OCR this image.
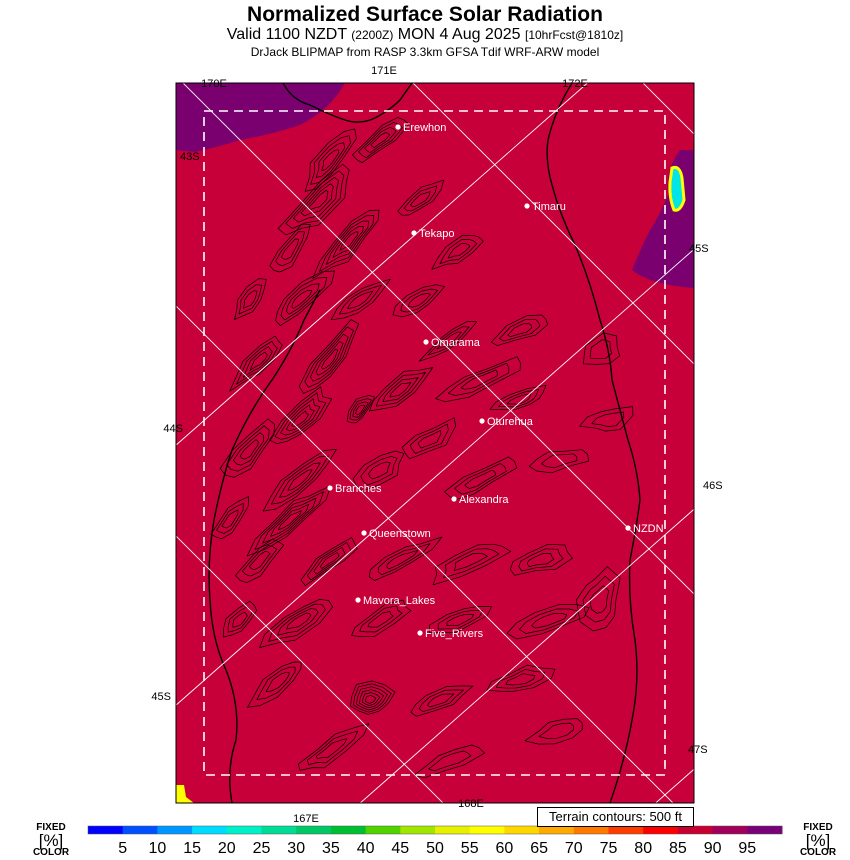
Normalized Surface Solar Radiation
Valid 1100 NZDT (2200Z) MON 4 Aug 2025 [10hrFcst@1810z]
DrJack BLIPMAP from RASP 3.3km GFSA Tdif WRF-ARW model
170E
171E
172E
43S
44S
45S
45S
46S
47S
167E
168E
Erewhon
Timaru
Tekapo
Omarama
Oturehua
Branches
Alexandra
NZDN
Queenstown
Mavora_Lakes
Five_Rivers
5 10 15 20 25 30 35 40 45 50 55 60 65 70 75 80 85 90 95
Terrain contours: 500 ft
FIXED
[%]
COLOR
FIXED
[%]
COLOR
